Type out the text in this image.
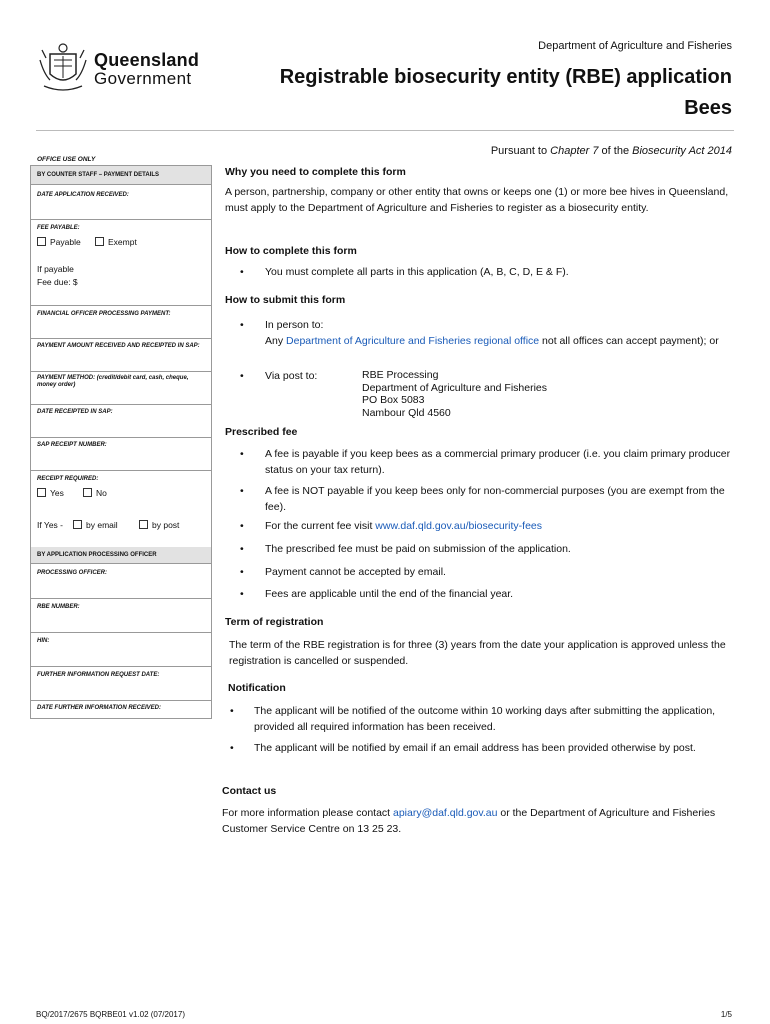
Queensland
Government
Department of Agriculture and Fisheries
Registrable biosecurity entity (RBE) application
Bees
Pursuant to Chapter 7 of the Biosecurity Act 2014
OFFICE USE ONLY
BY COUNTER STAFF – PAYMENT DETAILS
DATE APPLICATION RECEIVED:
FEE PAYABLE:
Payable	Exempt
If payable
Fee due: $
FINANCIAL OFFICER PROCESSING PAYMENT:
PAYMENT AMOUNT RECEIVED AND RECEIPTED IN SAP:
PAYMENT METHOD: (credit/debit card, cash, cheque, money order)
DATE RECEIPTED IN SAP:
SAP RECEIPT NUMBER:
RECEIPT REQUIRED:
Yes	No
If Yes -	by email	by post
BY APPLICATION PROCESSING OFFICER
PROCESSING OFFICER:
RBE NUMBER:
HIN:
FURTHER INFORMATION REQUEST DATE:
DATE FURTHER INFORMATION RECEIVED:
Why you need to complete this form
A person, partnership, company or other entity that owns or keeps one (1) or more bee hives in Queensland, must apply to the Department of Agriculture and Fisheries to register as a biosecurity entity.
How to complete this form
• You must complete all parts in this application (A, B, C, D, E & F).
How to submit this form
• In person to:
Any Department of Agriculture and Fisheries regional office not all offices can accept payment); or
• Via post to:	RBE Processing
Department of Agriculture and Fisheries
PO Box 5083
Nambour Qld 4560
Prescribed fee
• A fee is payable if you keep bees as a commercial primary producer (i.e. you claim primary producer status on your tax return).
• A fee is NOT payable if you keep bees only for non-commercial purposes (you are exempt from the fee).
• For the current fee visit www.daf.qld.gov.au/biosecurity-fees
• The prescribed fee must be paid on submission of the application.
• Payment cannot be accepted by email.
• Fees are applicable until the end of the financial year.
Term of registration
The term of the RBE registration is for three (3) years from the date your application is approved unless the registration is cancelled or suspended.
Notification
• The applicant will be notified of the outcome within 10 working days after submitting the application, provided all required information has been received.
• The applicant will be notified by email if an email address has been provided otherwise by post.
Contact us
For more information please contact apiary@daf.qld.gov.au or the Department of Agriculture and Fisheries Customer Service Centre on 13 25 23.
BQ/2017/2675 BQRBE01 v1.02 (07/2017)	1/5
